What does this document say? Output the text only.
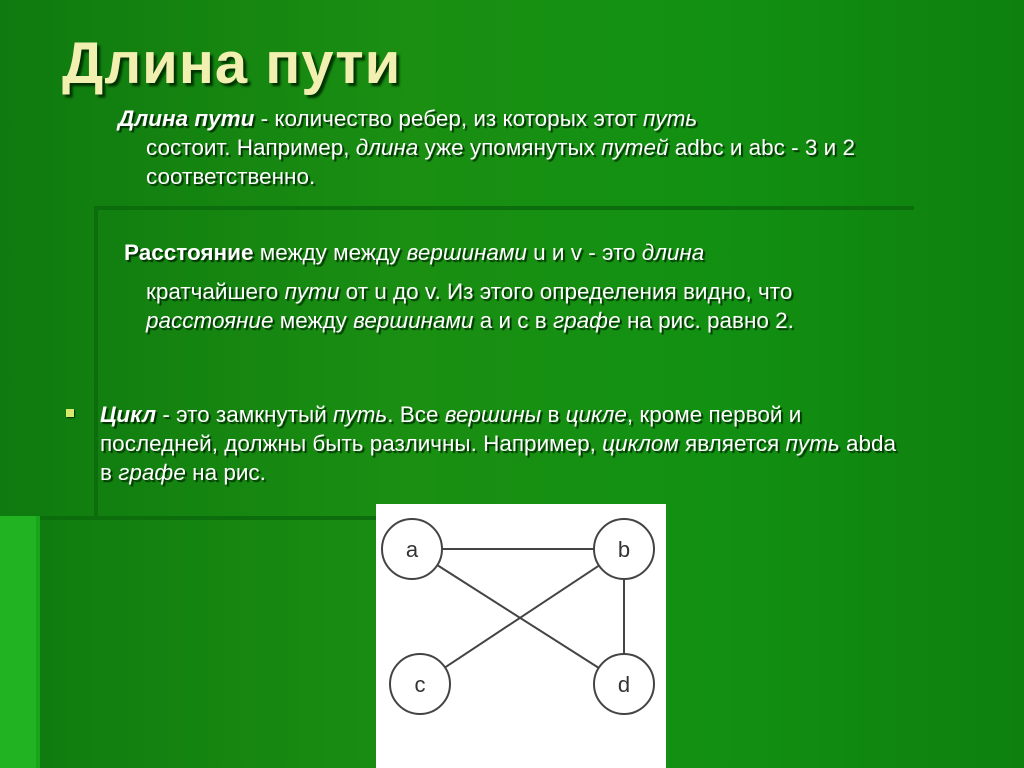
Длина пути
Длина пути - количество ребер, из которых этот путь
состоит. Например, длина уже упомянутых путей adbc и abc - 3 и 2 соответственно.
Расстояние между между вершинами u и v - это длина
кратчайшего пути от u до v. Из этого определения видно, что расстояние между вершинами a и с в графе на рис. равно 2.
Цикл - это замкнутый путь. Все вершины в цикле, кроме первой и последней, должны быть различны. Например, циклом является путь abda в графе на рис.
a	b
c	d
